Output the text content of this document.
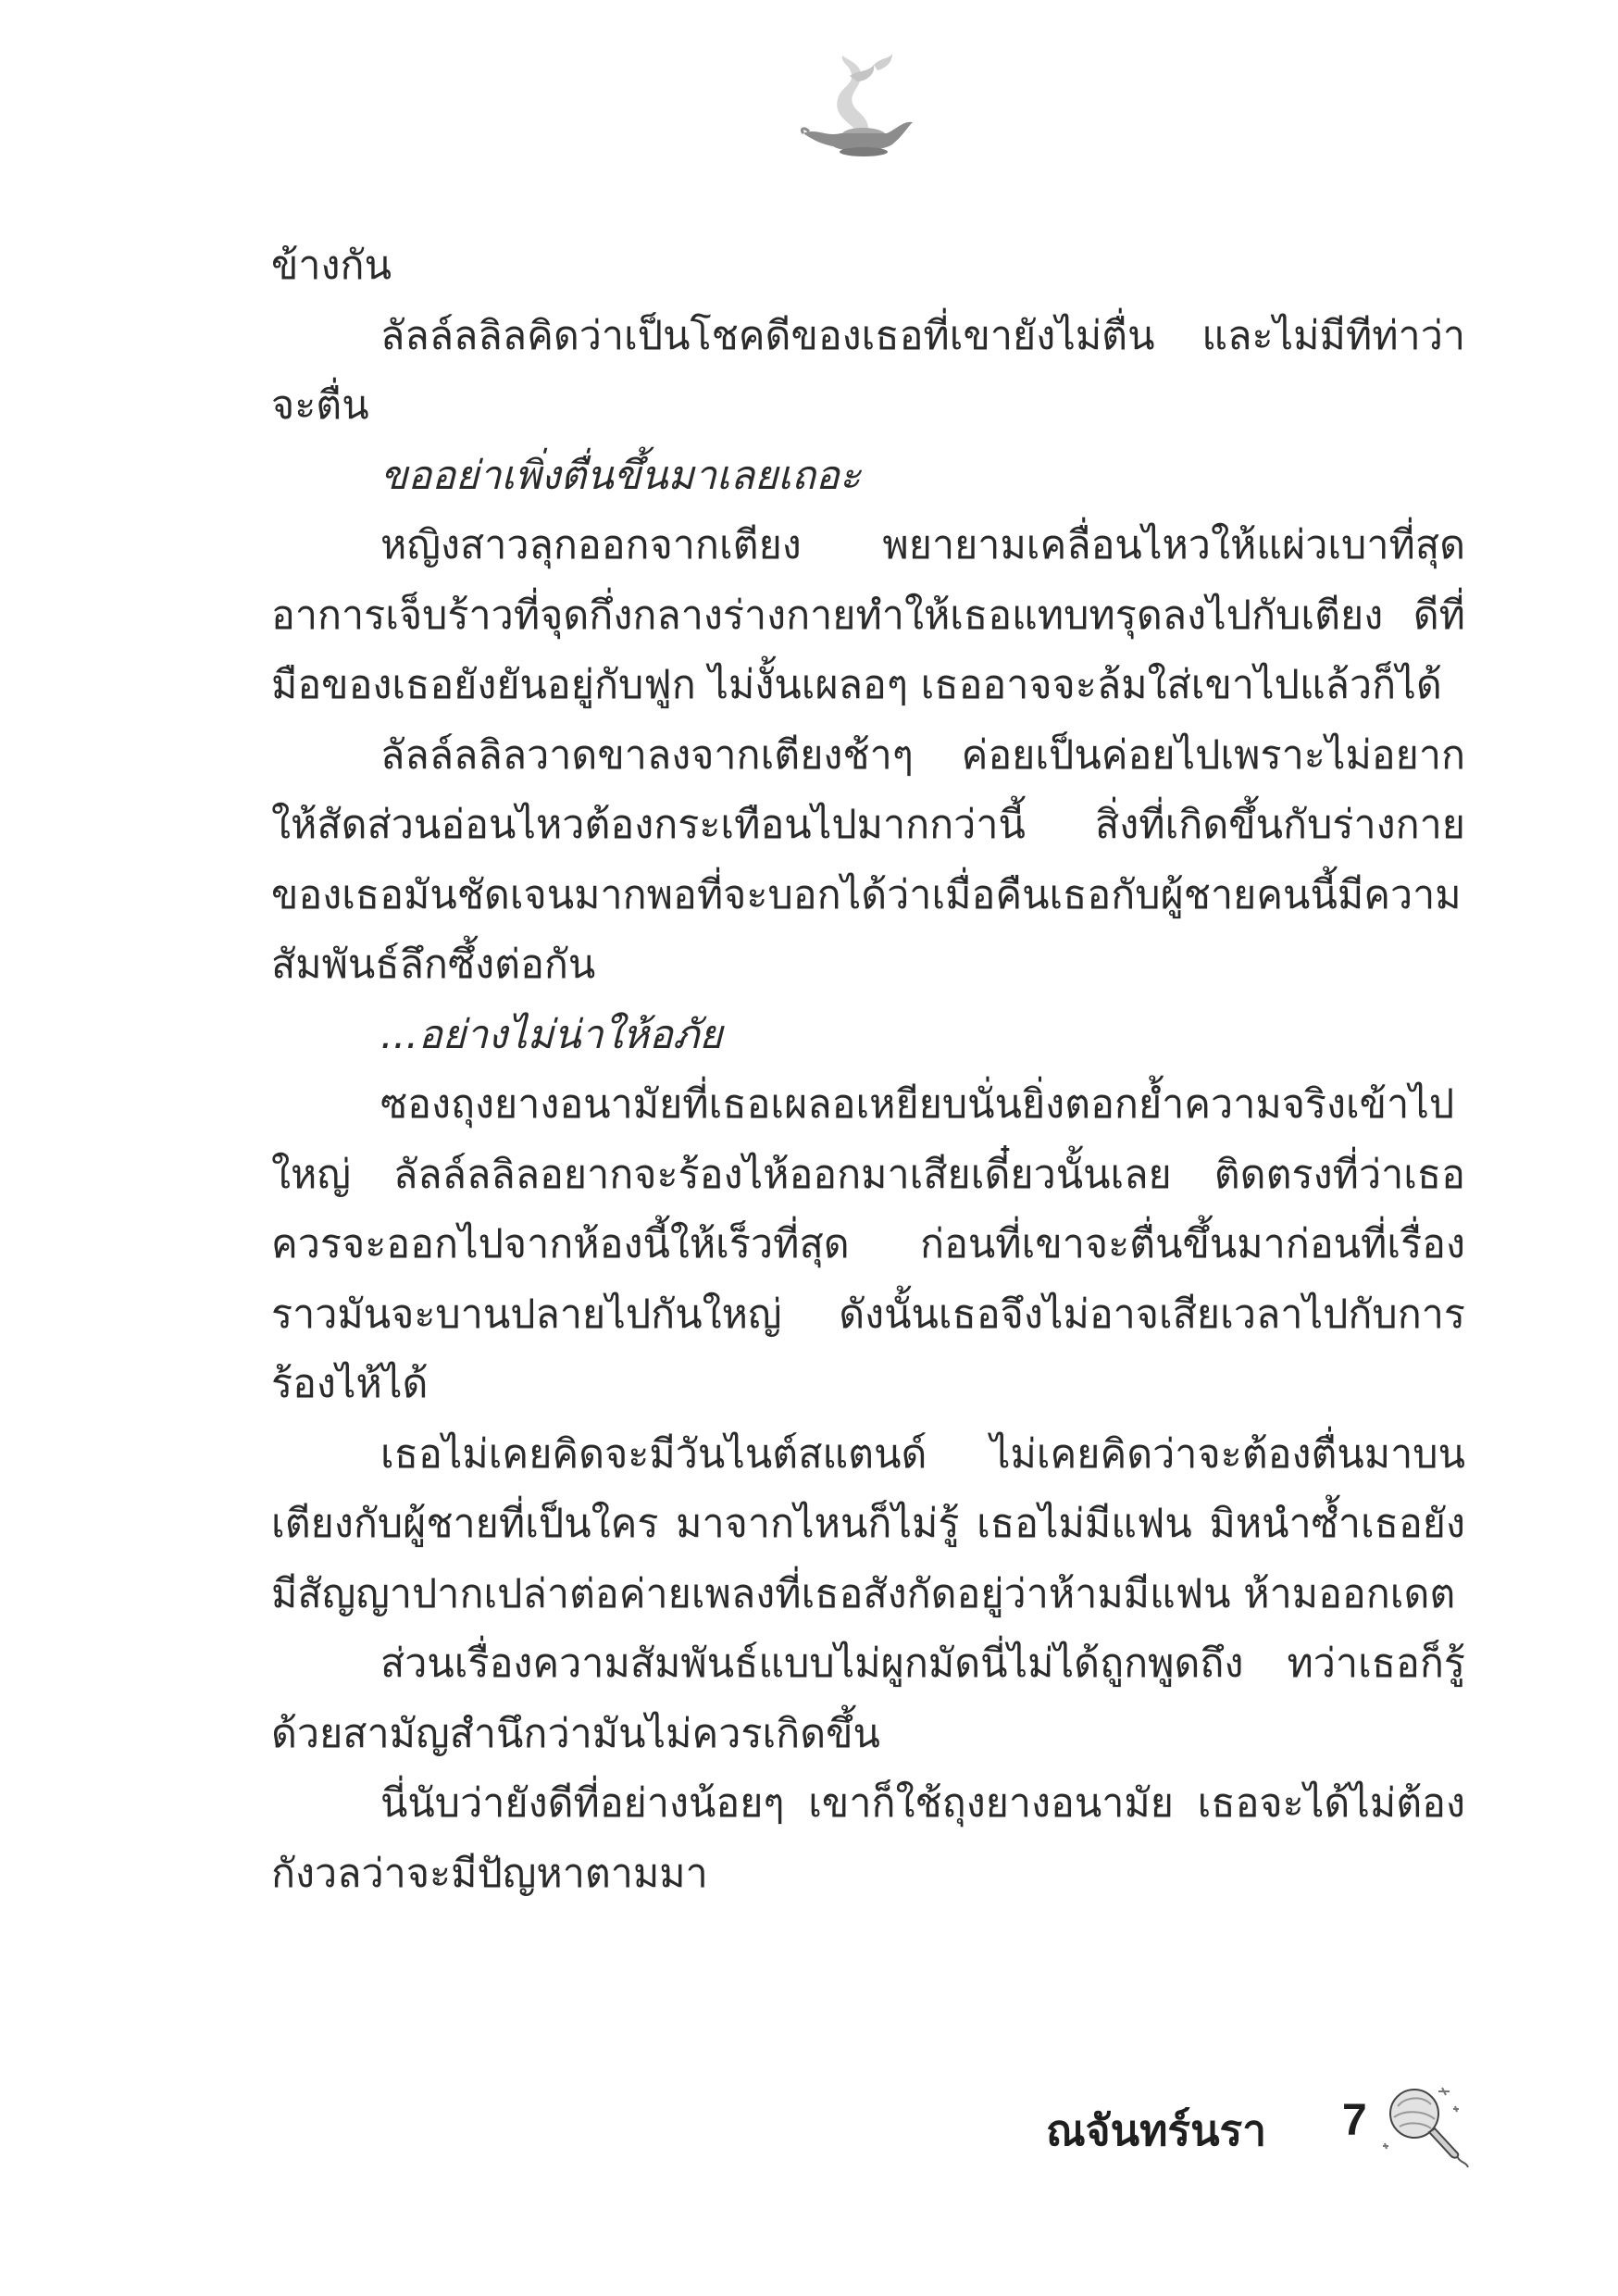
ข้างกัน

ลัลล์ลลิลคิดว่าเป็นโชคดีของเธอที่เขายังไม่ตื่น และไม่มีทีท่าว่าจะตื่น

ขออย่าเพิ่งตื่นขึ้นมาเลยเถอะ

หญิงสาวลุกออกจากเตียง พยายามเคลื่อนไหวให้แผ่วเบาที่สุด อาการเจ็บร้าวที่จุดกึ่งกลางร่างกายทำให้เธอแทบทรุดลงไปกับเตียง ดีที่มือของเธอยังยันอยู่กับฟูก ไม่งั้นเผลอๆ เธออาจจะล้มใส่เขาไปแล้วก็ได้

ลัลล์ลลิลวาดขาลงจากเตียงช้าๆ ค่อยเป็นค่อยไปเพราะไม่อยากให้สัดส่วนอ่อนไหวต้องกระเทือนไปมากกว่านี้ สิ่งที่เกิดขึ้นกับร่างกายของเธอมันชัดเจนมากพอที่จะบอกได้ว่าเมื่อคืนเธอกับผู้ชายคนนี้มีความสัมพันธ์ลึกซึ้งต่อกัน

...อย่างไม่น่าให้อภัย

ซองถุงยางอนามัยที่เธอเผลอเหยียบนั่นยิ่งตอกย้ำความจริงเข้าไปใหญ่ ลัลล์ลลิลอยากจะร้องไห้ออกมาเสียเดี๋ยวนั้นเลย ติดตรงที่ว่าเธอควรจะออกไปจากห้องนี้ให้เร็วที่สุด ก่อนที่เขาจะตื่นขึ้นมาก่อนที่เรื่องราวมันจะบานปลายไปกันใหญ่ ดังนั้นเธอจึงไม่อาจเสียเวลาไปกับการร้องไห้ได้

เธอไม่เคยคิดจะมีวันไนต์สแตนด์ ไม่เคยคิดว่าจะต้องตื่นมาบนเตียงกับผู้ชายที่เป็นใคร มาจากไหนก็ไม่รู้ เธอไม่มีแฟน มิหนำซ้ำเธอยังมีสัญญาปากเปล่าต่อค่ายเพลงที่เธอสังกัดอยู่ว่าห้ามมีแฟน ห้ามออกเดต

ส่วนเรื่องความสัมพันธ์แบบไม่ผูกมัดนี่ไม่ได้ถูกพูดถึง ทว่าเธอก็รู้ด้วยสามัญสำนึกว่ามันไม่ควรเกิดขึ้น

นี่นับว่ายังดีที่อย่างน้อยๆ เขาก็ใช้ถุงยางอนามัย เธอจะได้ไม่ต้องกังวลว่าจะมีปัญหาตามมา

ณจันทร์นรา 7
